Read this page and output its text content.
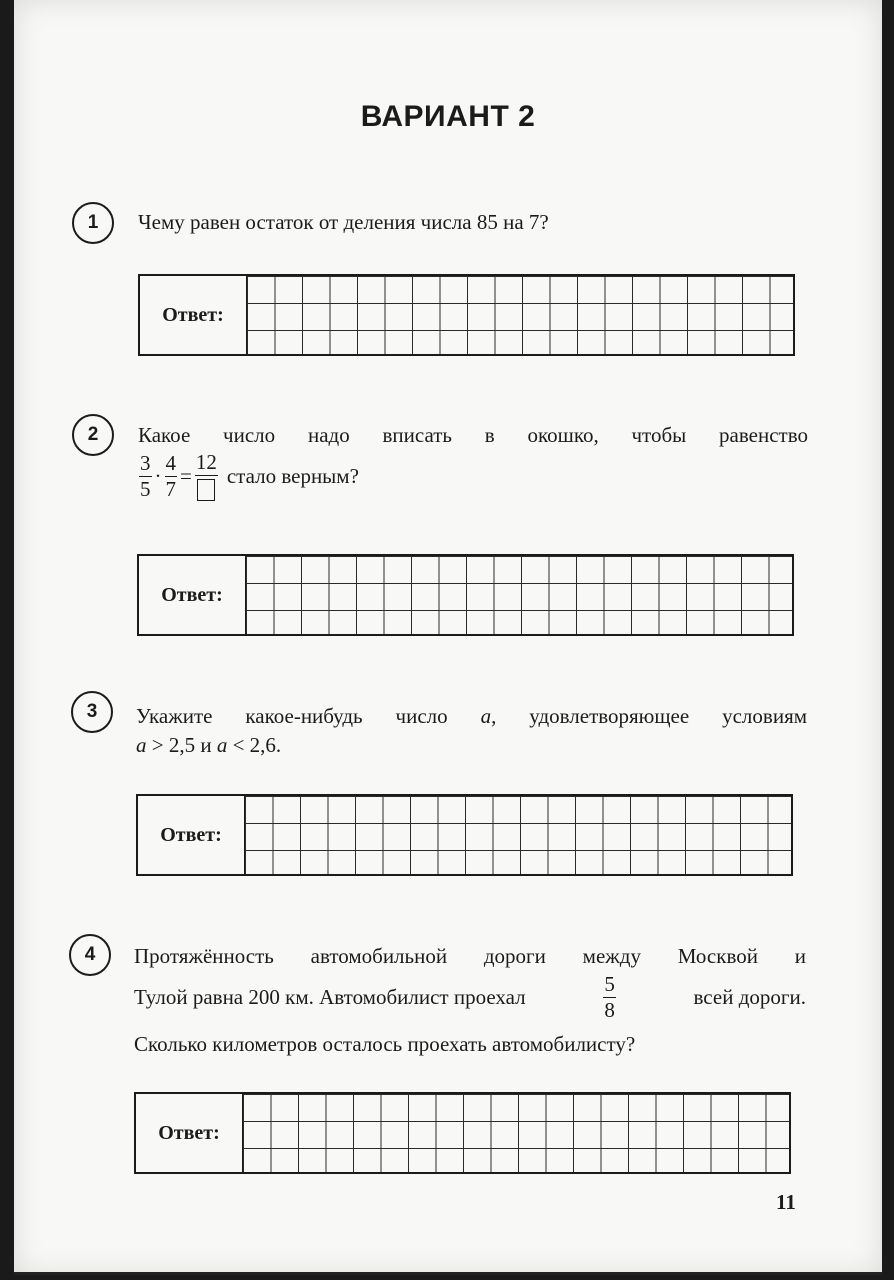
ВАРИАНТ 2
1	Чему равен остаток от деления числа 85 на 7?
Ответ:
2	Какое число надо вписать в окошко, чтобы равенство
$\frac{3}{5} \cdot \frac{4}{7}$ =
12
стало верным?
Ответ:
3	Укажите какое-нибудь число a, удовлетворяющее условиям
a > 2,5 и a < 2,6.
Ответ:
4	Протяжённость автомобильной дороги между Москвой и
Тулой равна 200 км. Автомобилист проехал	$\frac{5}{8}$	всей дороги.
Сколько километров осталось проехать автомобилисту?
Ответ:
11
